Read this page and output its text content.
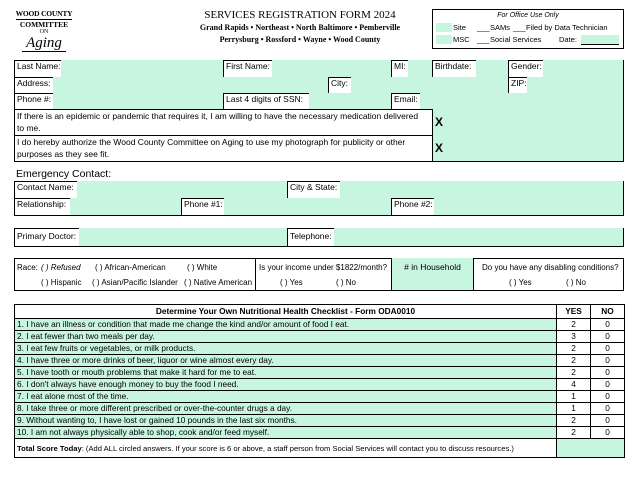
WOOD COUNTY
COMMITTEE
ON
Aging
SERVICES REGISTRATION FORM 2024
Grand Rapids • Northeast • North Baltimore • Pemberville
Perrysburg • Rossford • Wayne • Wood County
For Office Use Only
Site ___ SAMs ___ Filed by Data Technician
MSC ___ Social Services Date:
Last Name:	First Name:	MI:	Birthdate:	Gender:
Address:	City:	ZIP:
Phone #:	Last 4 digits of SSN:	Email:
If there is an epidemic or pandemic that requires it, I am willing to have the necessary medication delivered to me.	X
I do hereby authorize the Wood County Committee on Aging to use my photograph for publicity or other purposes as they see fit.	X
Emergency Contact:
Contact Name:	City & State:
Relationship:	Phone #1:	Phone #2:
Primary Doctor:	Telephone:
Race: ( ) Refused ( ) African-American	( ) White
( ) Hispanic ( ) Asian/Pacific Islander ( ) Native American
Is your income under $1822/month?
( ) Yes	( ) No
# in Household	Do you have any disabling conditions?
( ) Yes	( ) No
Determine Your Own Nutritional Health Checklist - Form ODA0010	YES	NO
1. I have an illness or condition that made me change the kind and/or amount of food I eat.	2	0
2. I eat fewer than two meals per day.	3	0
3. I eat few fruits or vegetables, or milk products.	2	0
4. I have three or more drinks of beer, liquor or wine almost every day.	2	0
5. I have tooth or mouth problems that make it hard for me to eat.	2	0
6. I don't always have enough money to buy the food I need.	4	0
7. I eat alone most of the time.	1	0
8. I take three or more different prescribed or over-the-counter drugs a day.	1	0
9. Without wanting to, I have lost or gained 10 pounds in the last six months.	2	0
10. I am not always physically able to shop, cook and/or feed myself.	2	0
Total Score Today: (Add ALL circled answers. If your score is 6 or above, a staff person from Social Services will contact you to discuss resources.)		
